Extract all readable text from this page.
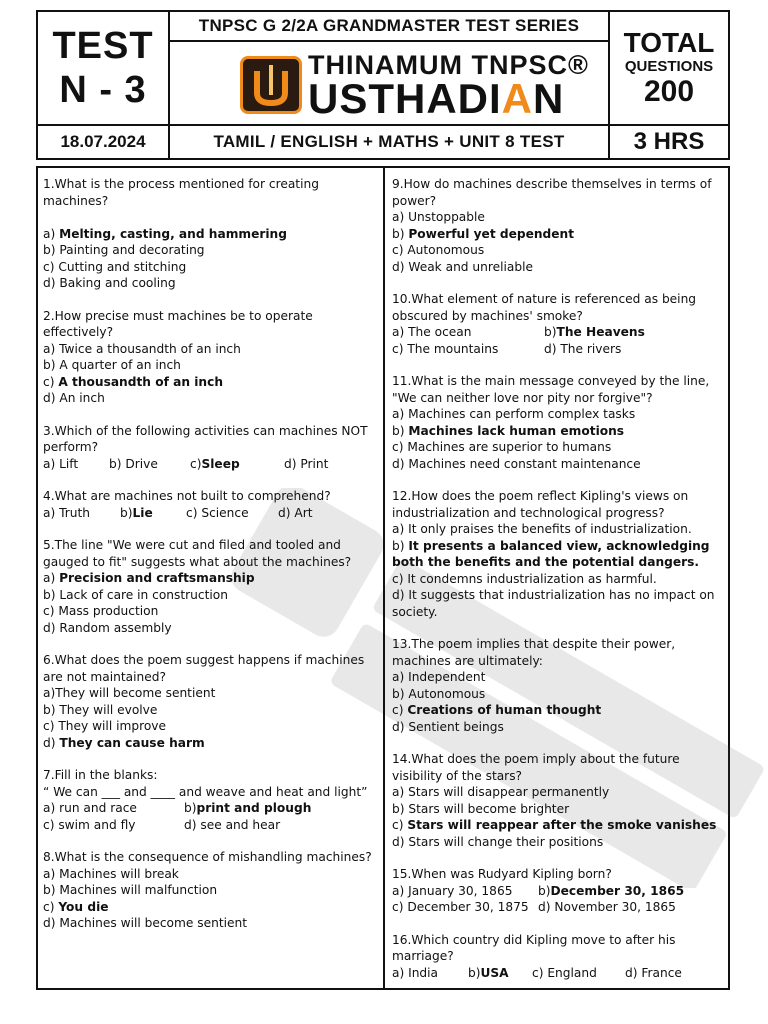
TEST
N - 3
TNPSC G 2/2A GRANDMASTER TEST SERIES
THINAMUM TNPSC®
USTHADIAN
TOTAL
QUESTIONS
200
18.07.2024	TAMIL / ENGLISH + MATHS + UNIT 8 TEST	3 HRS

1.What is the process mentioned for creating machines?

a) Melting, casting, and hammering

b) Painting and decorating

c) Cutting and stitching

d) Baking and cooling

2.How precise must machines be to operate effectively?

a) Twice a thousandth of an inch

b) A quarter of an inch

c) A thousandth of an inch

d) An inch

3.Which of the following activities can machines NOT perform?

a) Lift	b) Drive	c)Sleep	d) Print

4.What are machines not built to comprehend?

a) Truth	b)Lie	c) Science	d) Art

5.The line "We were cut and filed and tooled and gauged to fit" suggests what about the machines?

a) Precision and craftsmanship

b) Lack of care in construction

c) Mass production

d) Random assembly

6.What does the poem suggest happens if machines are not maintained?

a)They will become sentient

b) They will evolve

c) They will improve

d) They can cause harm

7.Fill in the blanks:

“ We can ___ and ____ and weave and heat and light”

a) run and race	b)print and plough
c) swim and fly	d) see and hear

8.What is the consequence of mishandling machines?

a) Machines will break

b) Machines will malfunction

c) You die

d) Machines will become sentient

9.How do machines describe themselves in terms of power?

a) Unstoppable

b) Powerful yet dependent

c) Autonomous

d) Weak and unreliable

10.What element of nature is referenced as being obscured by machines' smoke?

a) The ocean	b)The Heavens
c) The mountains	d) The rivers

11.What is the main message conveyed by the line, "We can neither love nor pity nor forgive"?

a) Machines can perform complex tasks

b) Machines lack human emotions

c) Machines are superior to humans

d) Machines need constant maintenance

12.How does the poem reflect Kipling's views on industrialization and technological progress?

a) It only praises the benefits of industrialization.

b) It presents a balanced view, acknowledging both the benefits and the potential dangers.

c) It condemns industrialization as harmful.

d) It suggests that industrialization has no impact on society.

13.The poem implies that despite their power, machines are ultimately:

a) Independent

b) Autonomous

c) Creations of human thought

d) Sentient beings

14.What does the poem imply about the future visibility of the stars?

a) Stars will disappear permanently

b) Stars will become brighter

c) Stars will reappear after the smoke vanishes

d) Stars will change their positions

15.When was Rudyard Kipling born?

a) January 30, 1865	b)December 30, 1865
c) December 30, 1875 d) November 30, 1865

16.Which country did Kipling move to after his marriage?

a) India	b)USA	c) England	d) France
